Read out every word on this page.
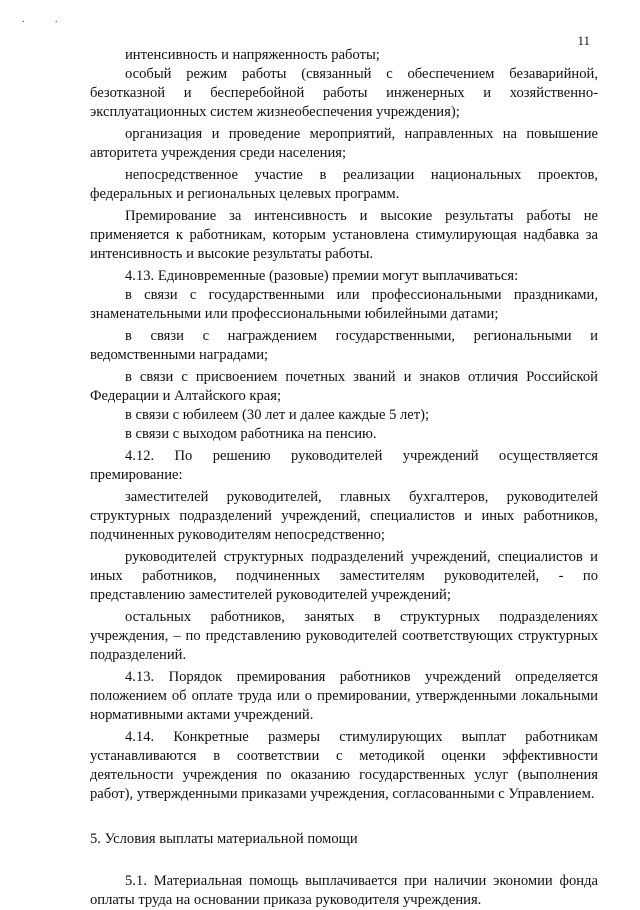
. .
11

интенсивность и напряженность работы;

особый режим работы (связанный с обеспечением безаварийной, безотказной и бесперебойной работы инженерных и хозяйственно-эксплуатационных систем жизнеобеспечения учреждения);

организация и проведение мероприятий, направленных на повышение авторитета учреждения среди населения;

непосредственное участие в реализации национальных проектов, федеральных и региональных целевых программ.

Премирование за интенсивность и высокие результаты работы не применяется к работникам, которым установлена стимулирующая надбавка за интенсивность и высокие результаты работы.

4.13. Единовременные (разовые) премии могут выплачиваться:

в связи с государственными или профессиональными праздниками, знаменательными или профессиональными юбилейными датами;

в связи с награждением государственными, региональными и ведомственными наградами;

в связи с присвоением почетных званий и знаков отличия Российской Федерации и Алтайского края;

в связи с юбилеем (30 лет и далее каждые 5 лет);

в связи с выходом работника на пенсию.

4.12. По решению руководителей учреждений осуществляется премирование:

заместителей руководителей, главных бухгалтеров, руководителей структурных подразделений учреждений, специалистов и иных работников, подчиненных руководителям непосредственно;

руководителей структурных подразделений учреждений, специалистов и иных работников, подчиненных заместителям руководителей, - по представлению заместителей руководителей учреждений;

остальных работников, занятых в структурных подразделениях учреждения, – по представлению руководителей соответствующих структурных подразделений.

4.13. Порядок премирования работников учреждений определяется положением об оплате труда или о премировании, утвержденными локальными нормативными актами учреждений.

4.14. Конкретные размеры стимулирующих выплат работникам устанавливаются в соответствии с методикой оценки эффективности деятельности учреждения по оказанию государственных услуг (выполнения работ), утвержденными приказами учреждения, согласованными с Управлением.

5. Условия выплаты материальной помощи

5.1. Материальная помощь выплачивается при наличии экономии фонда оплаты труда на основании приказа руководителя учреждения.
